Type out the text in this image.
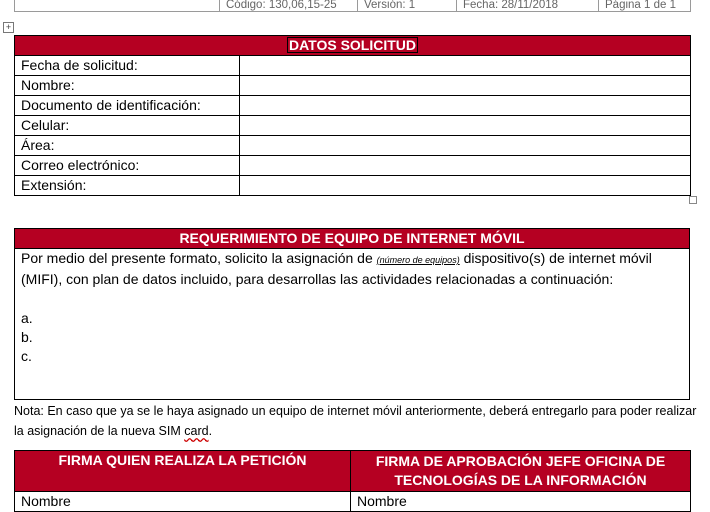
	Código: 130,06,15-25	Versión: 1	Fecha: 28/11/2018	Página 1 de 1
+
DATOS SOLICITUD	
Fecha de solicitud:	
Nombre:	
Documento de identificación:	
Celular:	
Área:	
Correo electrónico:	
Extensión:	
REQUERIMIENTO DE EQUIPO DE INTERNET MÓVIL
Por medio del presente formato, solicito la asignación de (número de equipos) dispositivo(s) de internet móvil (MIFI), con plan de datos incluido, para desarrollas las actividades relacionadas a continuación:
a.
b.
c.
Nota: En caso que ya se le haya asignado un equipo de internet móvil anteriormente, deberá entregarlo para poder realizar la asignación de la nueva SIM card.
FIRMA QUIEN REALIZA LA PETICIÓN	FIRMA DE APROBACIÓN JEFE OFICINA DE TECNOLOGÍAS DE LA INFORMACIÓN
Nombre	Nombre
